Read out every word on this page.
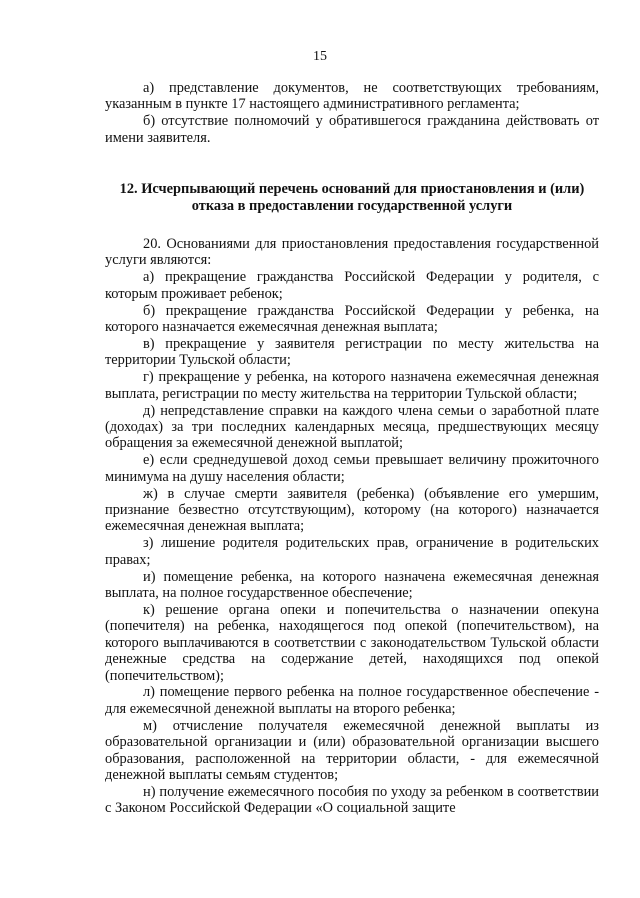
15

а) представление документов, не соответствующих требованиям, указанным в пункте 17 настоящего административного регламента;

б) отсутствие полномочий у обратившегося гражданина действовать от имени заявителя.

12. Исчерпывающий перечень оснований для приостановления и (или)
отказа в предоставлении государственной услуги

20. Основаниями для приостановления предоставления государственной услуги являются:

а) прекращение гражданства Российской Федерации у родителя, с которым проживает ребенок;

б) прекращение гражданства Российской Федерации у ребенка, на которого назначается ежемесячная денежная выплата;

в) прекращение у заявителя регистрации по месту жительства на территории Тульской области;

г) прекращение у ребенка, на которого назначена ежемесячная денежная выплата, регистрации по месту жительства на территории Тульской области;

д) непредставление справки на каждого члена семьи о заработной плате (доходах) за три последних календарных месяца, предшествующих месяцу обращения за ежемесячной денежной выплатой;

е) если среднедушевой доход семьи превышает величину прожиточного минимума на душу населения области;

ж) в случае смерти заявителя (ребенка) (объявление его умершим, признание безвестно отсутствующим), которому (на которого) назначается ежемесячная денежная выплата;

з) лишение родителя родительских прав, ограничение в родительских правах;

и) помещение ребенка, на которого назначена ежемесячная денежная выплата, на полное государственное обеспечение;

к) решение органа опеки и попечительства о назначении опекуна (попечителя) на ребенка, находящегося под опекой (попечительством), на которого выплачиваются в соответствии с законодательством Тульской области денежные средства на содержание детей, находящихся под опекой (попечительством);

л) помещение первого ребенка на полное государственное обеспечение - для ежемесячной денежной выплаты на второго ребенка;

м) отчисление получателя ежемесячной денежной выплаты из образовательной организации и (или) образовательной организации высшего образования, расположенной на территории области, - для ежемесячной денежной выплаты семьям студентов;

н) получение ежемесячного пособия по уходу за ребенком в соответствии с Законом Российской Федерации «О социальной защите
